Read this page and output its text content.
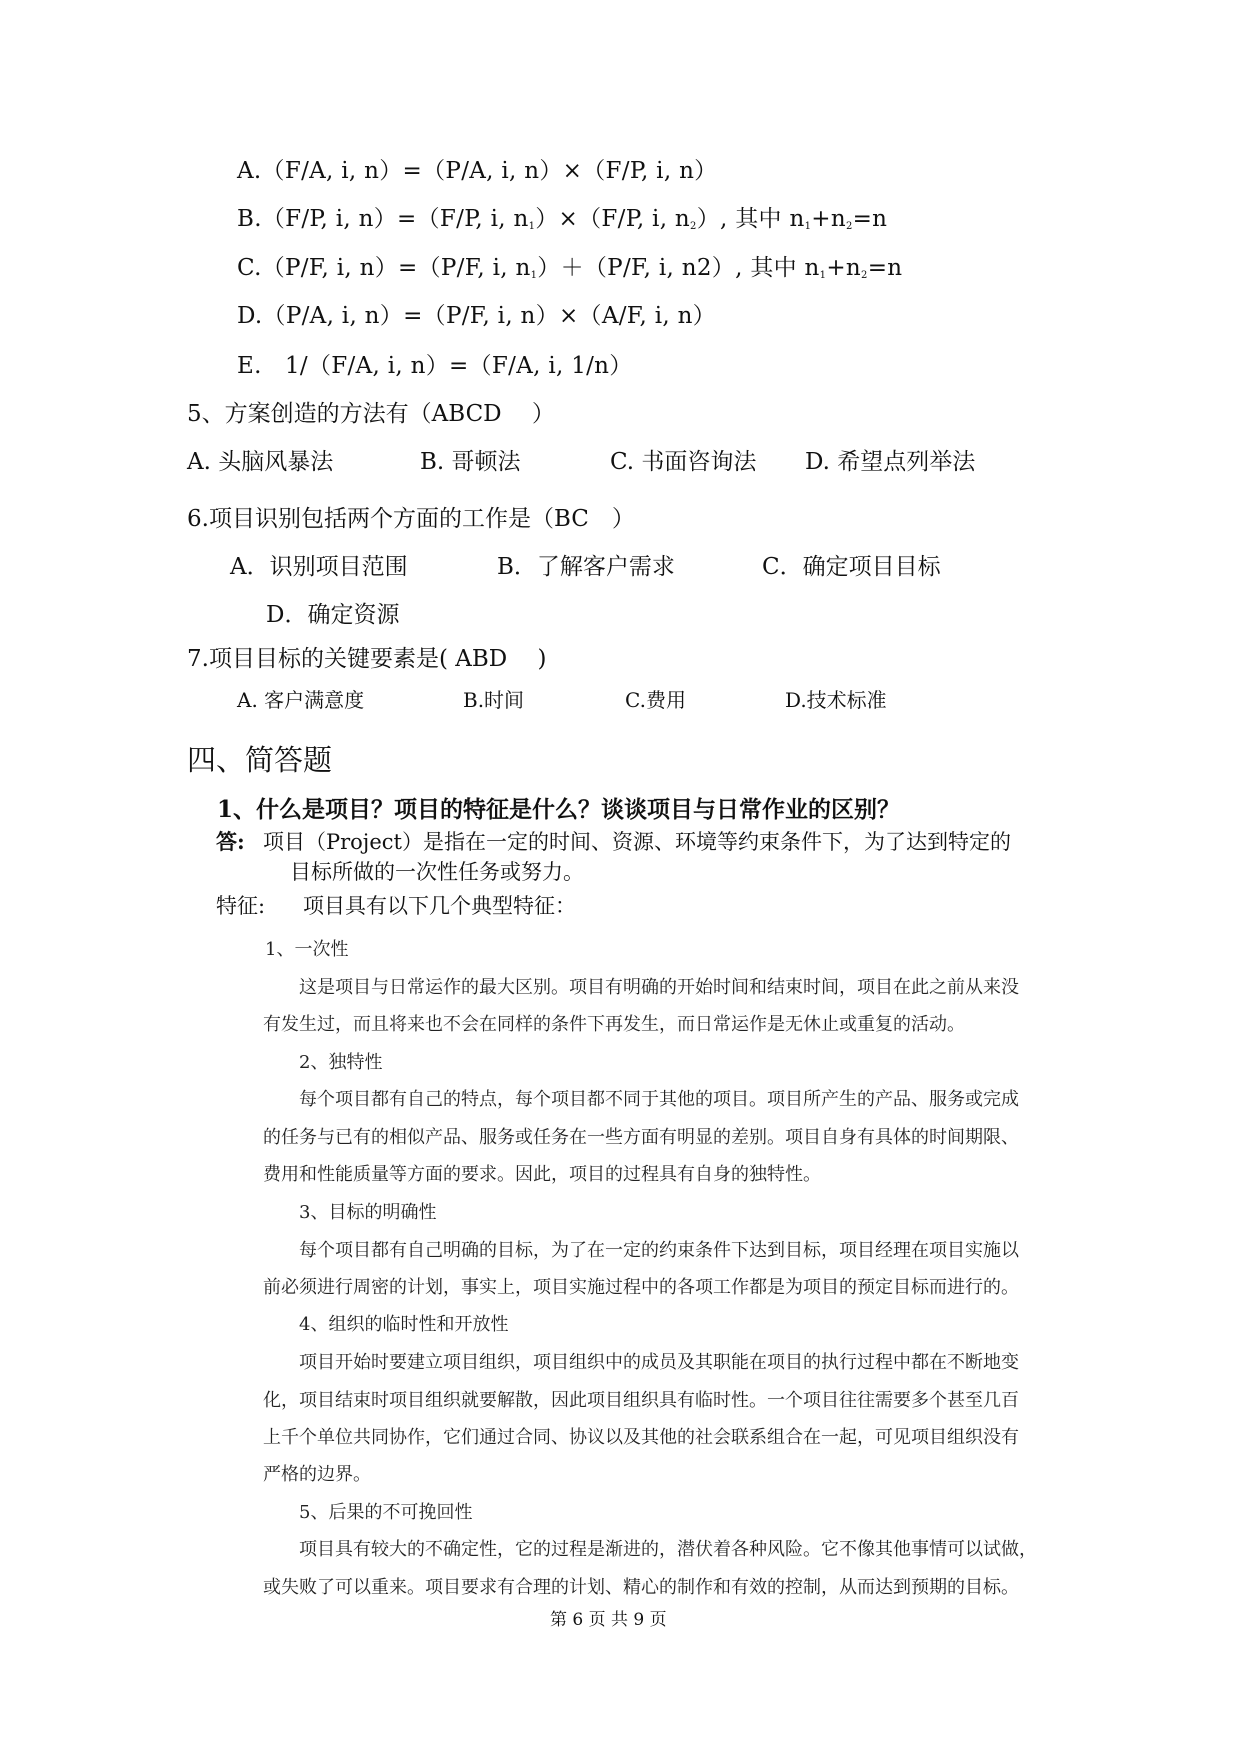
A.（F/A, i, n）=（P/A, i, n）×（F/P, i, n）
B.（F/P, i, n）=（F/P, i, $n_1)\times(F/P$, i, $n_2$）, 其中 $n_1+n_2=n$
C.（P/F, i, n）=（P/F, i, $n_1)+(P/F$, i, n2）, 其中 $n_1+n_2=n$
D.（P/A, i, n）=（P/F, i, n）×（A/F, i, n）
E.　1/（F/A, i, n）=（F/A, i, 1/n）
5、方案创造的方法有（ABCD　 ）
A. 头脑风暴法	B. 哥顿法	C. 书面咨询法 D. 希望点列举法
6.项目识别包括两个方面的工作是（BC　）
A．识别项目范围	B．了解客户需求	C．确定项目目标
D．确定资源
7.项目目标的关键要素是( ABD　 )
A. 客户满意度	B.时间	C.费用	D.技术标准
四、简答题
1、什么是项目？项目的特征是什么？谈谈项目与日常作业的区别？
答: 项目（Project）是指在一定的时间、资源、环境等约束条件下，为了达到特定的
目标所做的一次性任务或努力。
特征: 项目具有以下几个典型特征：
1、一次性
这是项目与日常运作的最大区别。项目有明确的开始时间和结束时间，项目在此之前从来没
有发生过，而且将来也不会在同样的条件下再发生，而日常运作是无休止或重复的活动。
2、独特性
每个项目都有自己的特点，每个项目都不同于其他的项目。项目所产生的产品、服务或完成
的任务与已有的相似产品、服务或任务在一些方面有明显的差别。项目自身有具体的时间期限、
费用和性能质量等方面的要求。因此，项目的过程具有自身的独特性。
3、目标的明确性
每个项目都有自己明确的目标，为了在一定的约束条件下达到目标，项目经理在项目实施以
前必须进行周密的计划，事实上，项目实施过程中的各项工作都是为项目的预定目标而进行的。
4、组织的临时性和开放性
项目开始时要建立项目组织，项目组织中的成员及其职能在项目的执行过程中都在不断地变
化，项目结束时项目组织就要解散，因此项目组织具有临时性。一个项目往往需要多个甚至几百
上千个单位共同协作，它们通过合同、协议以及其他的社会联系组合在一起，可见项目组织没有
严格的边界。
5、后果的不可挽回性
项目具有较大的不确定性，它的过程是渐进的，潜伏着各种风险。它不像其他事情可以试做，
或失败了可以重来。项目要求有合理的计划、精心的制作和有效的控制，从而达到预期的目标。
第 6 页 共 9 页
